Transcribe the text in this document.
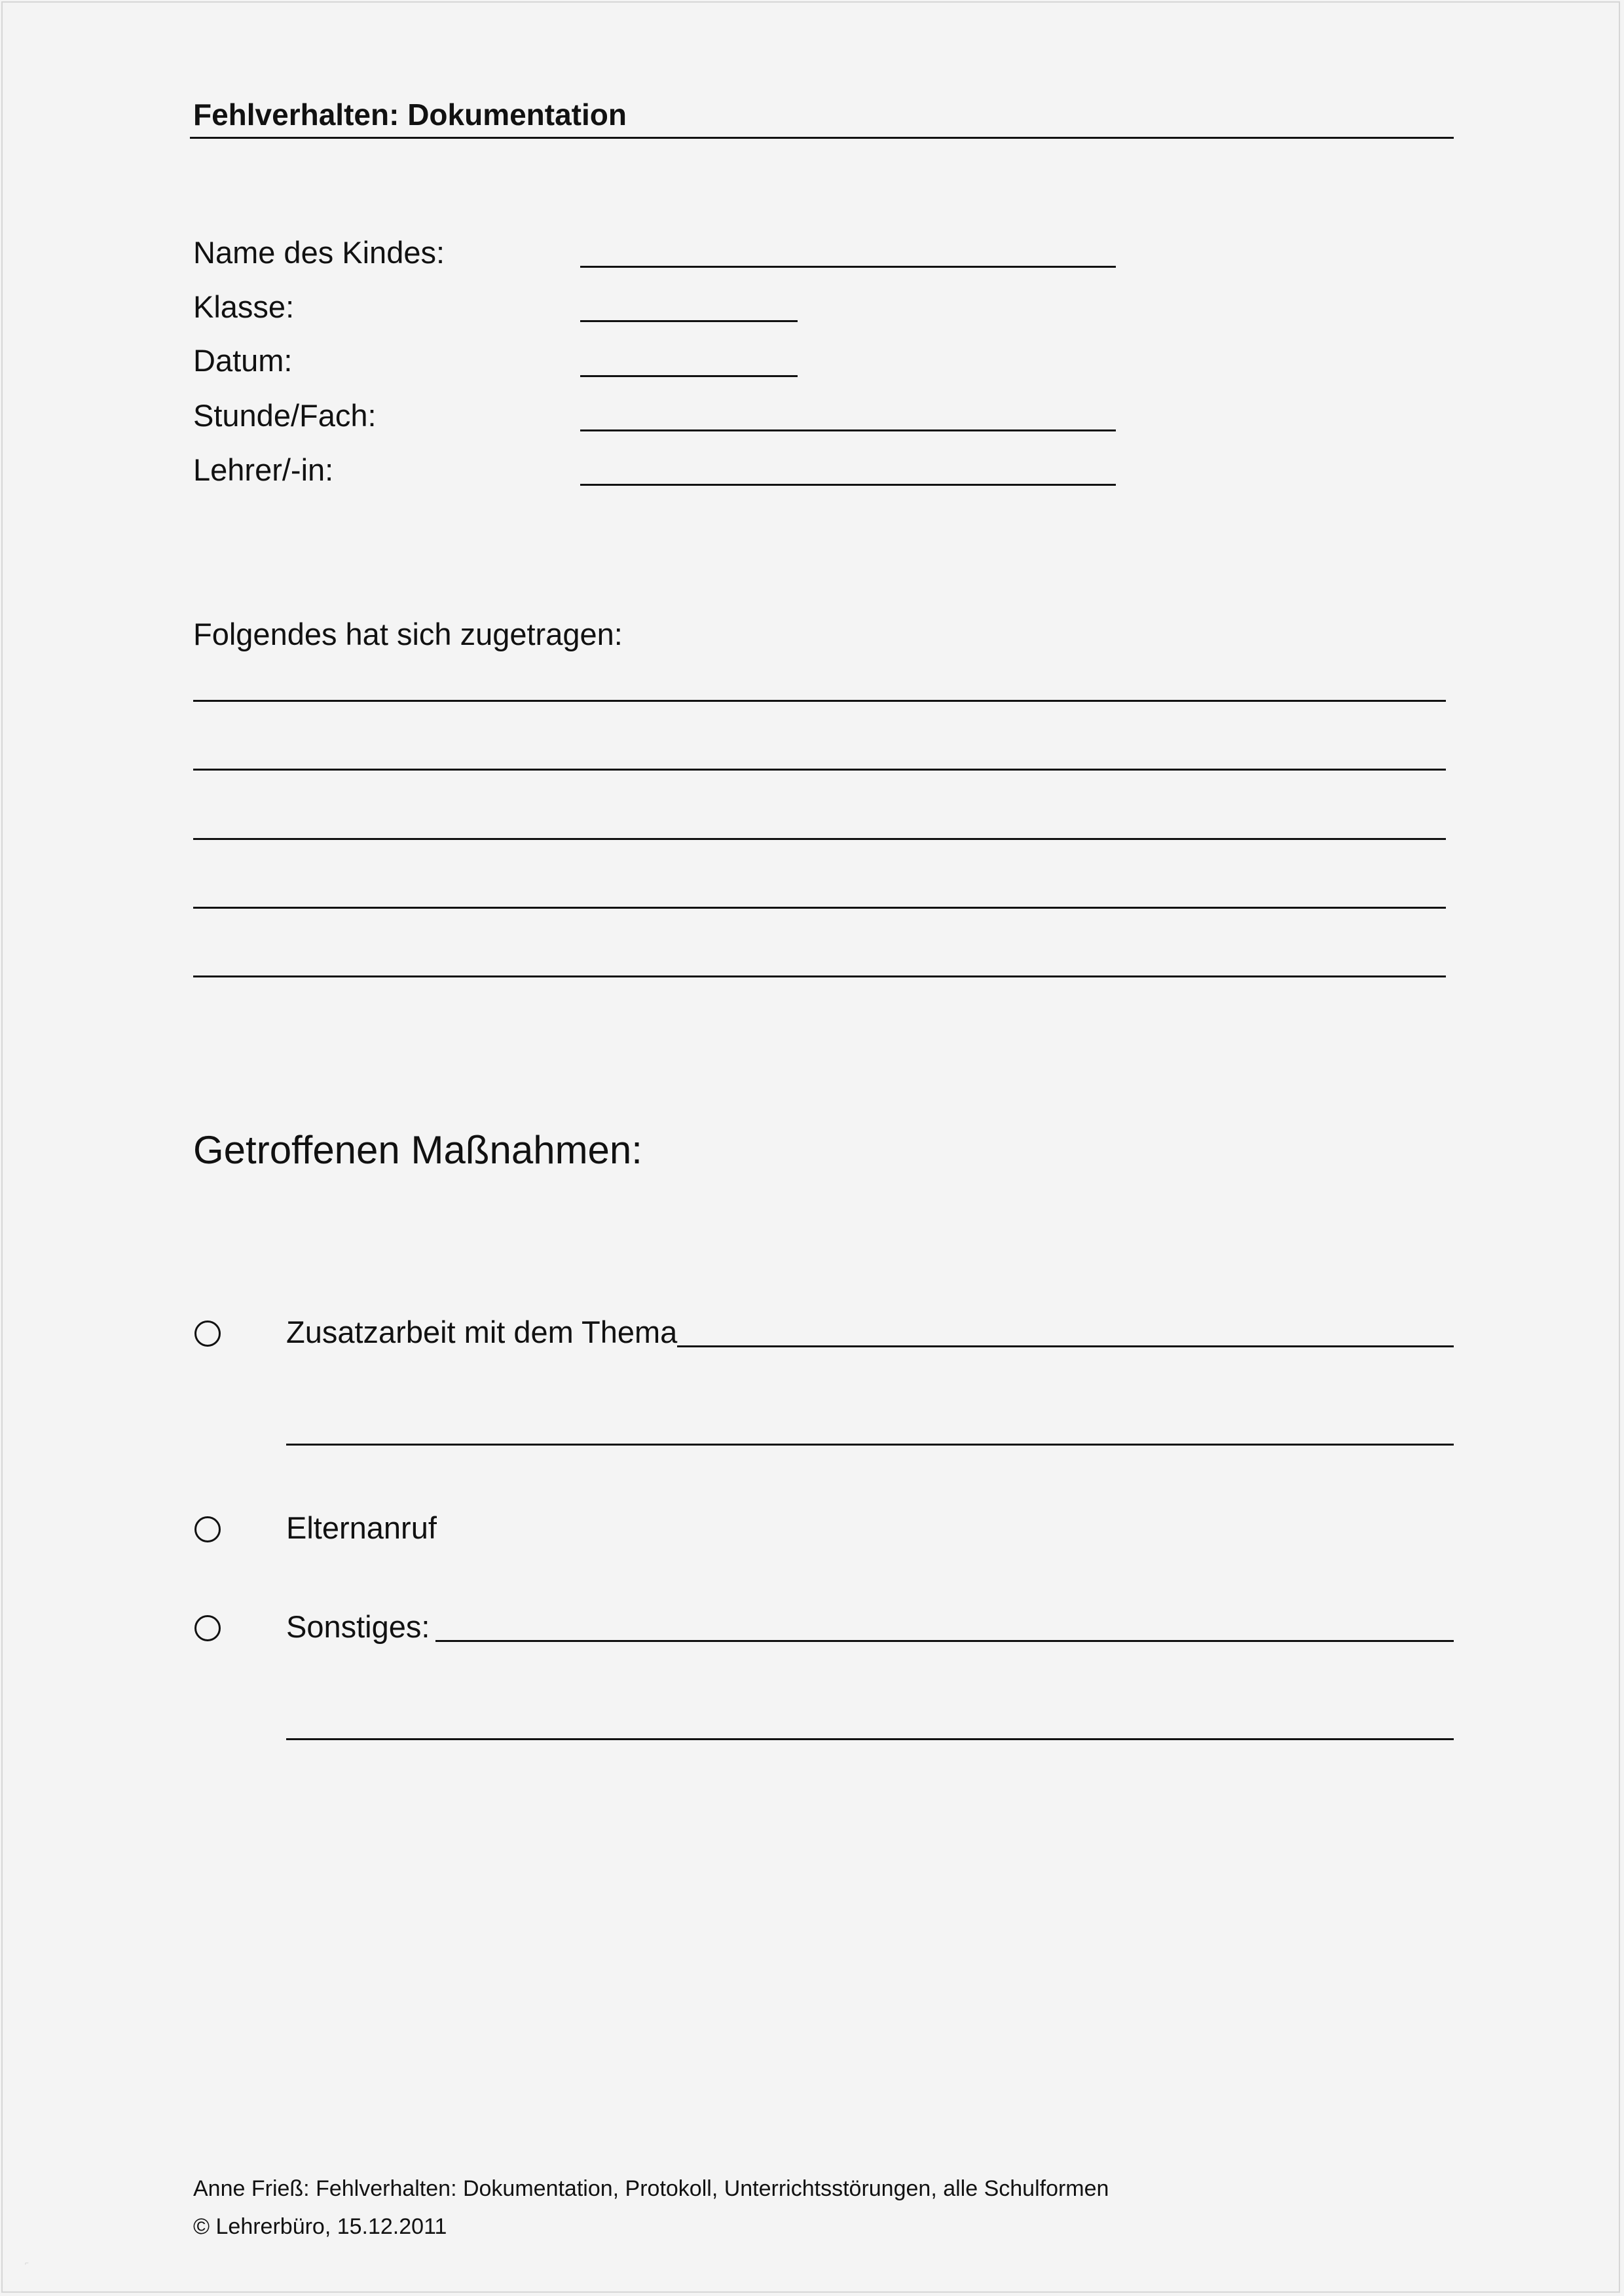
Fehlverhalten: Dokumentation
Name des Kindes:
Klasse:
Datum:
Stunde/Fach:
Lehrer/-in:
Folgendes hat sich zugetragen:
Getroffenen Maßnahmen:
Zusatzarbeit mit dem Thema
Elternanruf
Sonstiges:
Anne Frieß: Fehlverhalten: Dokumentation, Protokoll, Unterrichtsstörungen, alle Schulformen
© Lehrerbüro, 15.12.2011
⌐
